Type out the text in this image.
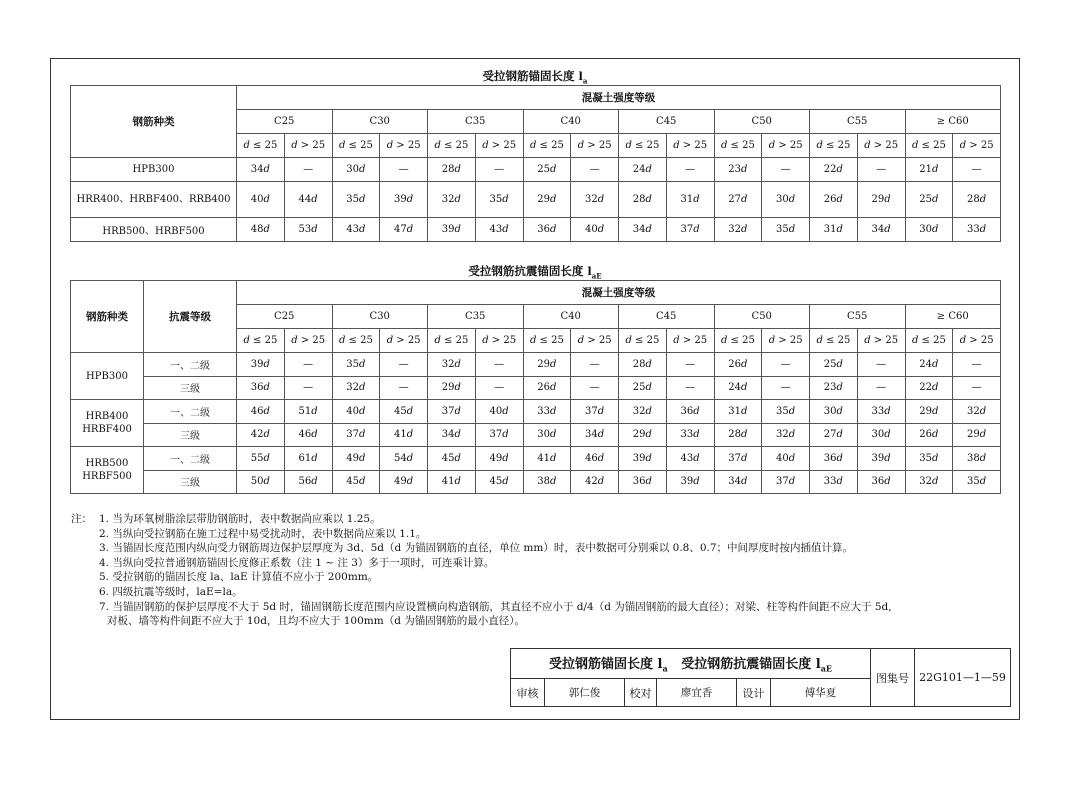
受拉钢筋锚固长度 $l_a$
钢筋种类	混凝土强度等级															
	C25		C30		C35		C40		C45		C50		C55		≥ C60	
	d ≤ 25	d > 25	d ≤ 25	d > 25	d ≤ 25	d > 25	d ≤ 25	d > 25	d ≤ 25	d > 25	d ≤ 25	d > 25	d ≤ 25	d > 25	d ≤ 25	d > 25
HPB300	34d	—	30d	—	28d	—	25d	—	24d	—	23d	—	22d	—	21d	—
HRR400、HRBF400、RRB400	40d	44d	35d	39d	32d	35d	29d	32d	28d	31d	27d	30d	26d	29d	25d	28d
HRB500、HRBF500	48d	53d	43d	47d	39d	43d	36d	40d	34d	37d	32d	35d	31d	34d	30d	33d
受拉钢筋抗震锚固长度 $l_{aE}$
钢筋种类	抗震等级	混凝土强度等级															
		C25		C30		C35		C40		C45		C50		C55		≥ C60	
		d ≤ 25	d > 25	d ≤ 25	d > 25	d ≤ 25	d > 25	d ≤ 25	d > 25	d ≤ 25	d > 25	d ≤ 25	d > 25	d ≤ 25	d > 25	d ≤ 25	d > 25
HPB300	一、二级	39d	—	35d	—	32d	—	29d	—	28d	—	26d	—	25d	—	24d	—
	三级	36d	—	32d	—	29d	—	26d	—	25d	—	24d	—	23d	—	22d	—
HRB400 HRBF400	一、二级	46d	51d	40d	45d	37d	40d	33d	37d	32d	36d	31d	35d	30d	33d	29d	32d
	三级	42d	46d	37d	41d	34d	37d	30d	34d	29d	33d	28d	32d	27d	30d	26d	29d
HRB500 HRBF500	一、二级	55d	61d	49d	54d	45d	49d	41d	46d	39d	43d	37d	40d	36d	39d	35d	38d
	三级	50d	56d	45d	49d	41d	45d	38d	42d	36d	39d	34d	37d	33d	36d	32d	35d
注： 1. 当为环氧树脂涂层带肋钢筋时，表中数据尚应乘以 1.25。
2. 当纵向受拉钢筋在施工过程中易受扰动时，表中数据尚应乘以 1.1。
3. 当锚固长度范围内纵向受力钢筋周边保护层厚度为 3d、5d（d 为锚固钢筋的直径，单位 mm）时，表中数据可分别乘以 0.8、0.7；中间厚度时按内插值计算。
4. 当纵向受拉普通钢筋锚固长度修正系数（注 1 ~ 注 3）多于一项时，可连乘计算。
5. 受拉钢筋的锚固长度 la、laE 计算值不应小于 200mm。
6. 四级抗震等级时，laE=la。
7. 当锚固钢筋的保护层厚度不大于 5d 时，锚固钢筋长度范围内应设置横向构造钢筋，其直径不应小于 d/4（d 为锚固钢筋的最大直径）；对梁、柱等构件间距不应大于 5d,
对板、墙等构件间距不应大于 10d，且均不应大于 100mm（d 为锚固钢筋的最小直径）。
受拉钢筋锚固长度 $l_a$ 受拉钢筋抗震锚固长度 $l_{aE}$						图集号	22G101—1—59
审核	郭仁俊	校对	廖宜香	设计	傅华夏		
